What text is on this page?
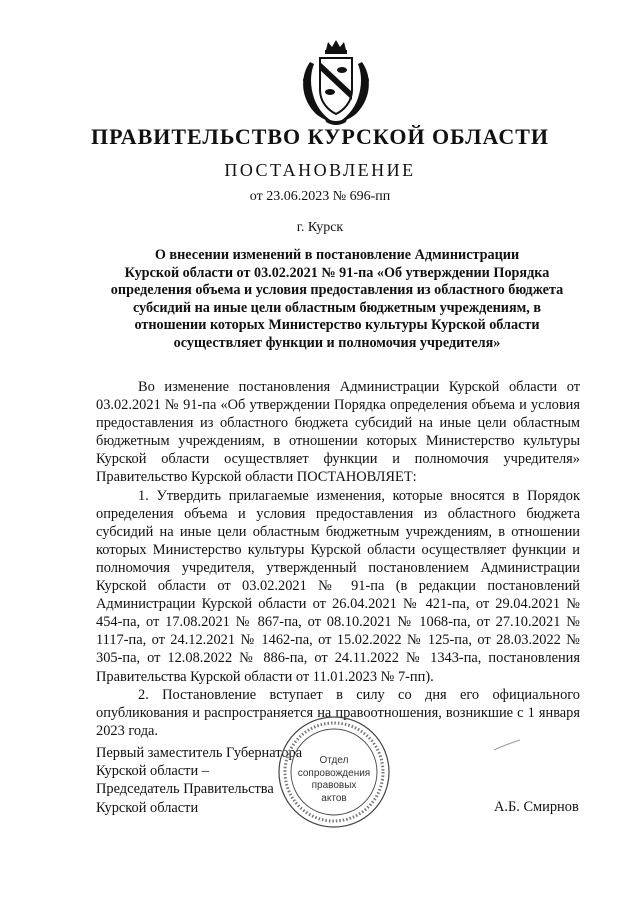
ПРАВИТЕЛЬСТВО КУРСКОЙ ОБЛАСТИ
ПОСТАНОВЛЕНИЕ
от 23.06.2023 № 696-пп
г. Курск
О внесении изменений в постановление Администрации
Курской области от 03.02.2021 № 91-па «Об утверждении Порядка
определения объема и условия предоставления из областного бюджета
субсидий на иные цели областным бюджетным учреждениям, в
отношении которых Министерство культуры Курской области
осуществляет функции и полномочия учредителя»

Во изменение постановления Администрации Курской области от 03.02.2021 № 91-па «Об утверждении Порядка определения объема и условия предоставления из областного бюджета субсидий на иные цели областным бюджетным учреждениям, в отношении которых Министерство культуры Курской области осуществляет функции и полномочия учредителя» Правительство Курской области ПОСТАНОВЛЯЕТ:

1. Утвердить прилагаемые изменения, которые вносятся в Порядок определения объема и условия предоставления из областного бюджета субсидий на иные цели областным бюджетным учреждениям, в отношении которых Министерство культуры Курской области осуществляет функции и полномочия учредителя, утвержденный постановлением Администрации Курской области от 03.02.2021 № 91-па (в редакции постановлений Администрации Курской области от 26.04.2021 № 421-па, от 29.04.2021 № 454-па, от 17.08.2021 № 867-па, от 08.10.2021 № 1068-па, от 27.10.2021 № 1117-па, от 24.12.2021 № 1462-па, от 15.02.2022 № 125-па, от 28.03.2022 № 305-па, от 12.08.2022 № 886-па, от 24.11.2022 № 1343-па, постановления Правительства Курской области от 11.01.2023 № 7-пп).

2. Постановление вступает в силу со дня его официального опубликования и распространяется на правоотношения, возникшие с 1 января 2023 года.

Первый заместитель Губернатора
Курской области –
Председатель Правительства
Курской области	А.Б. Смирнов
Отдел
сопровождения
правовых
актов
